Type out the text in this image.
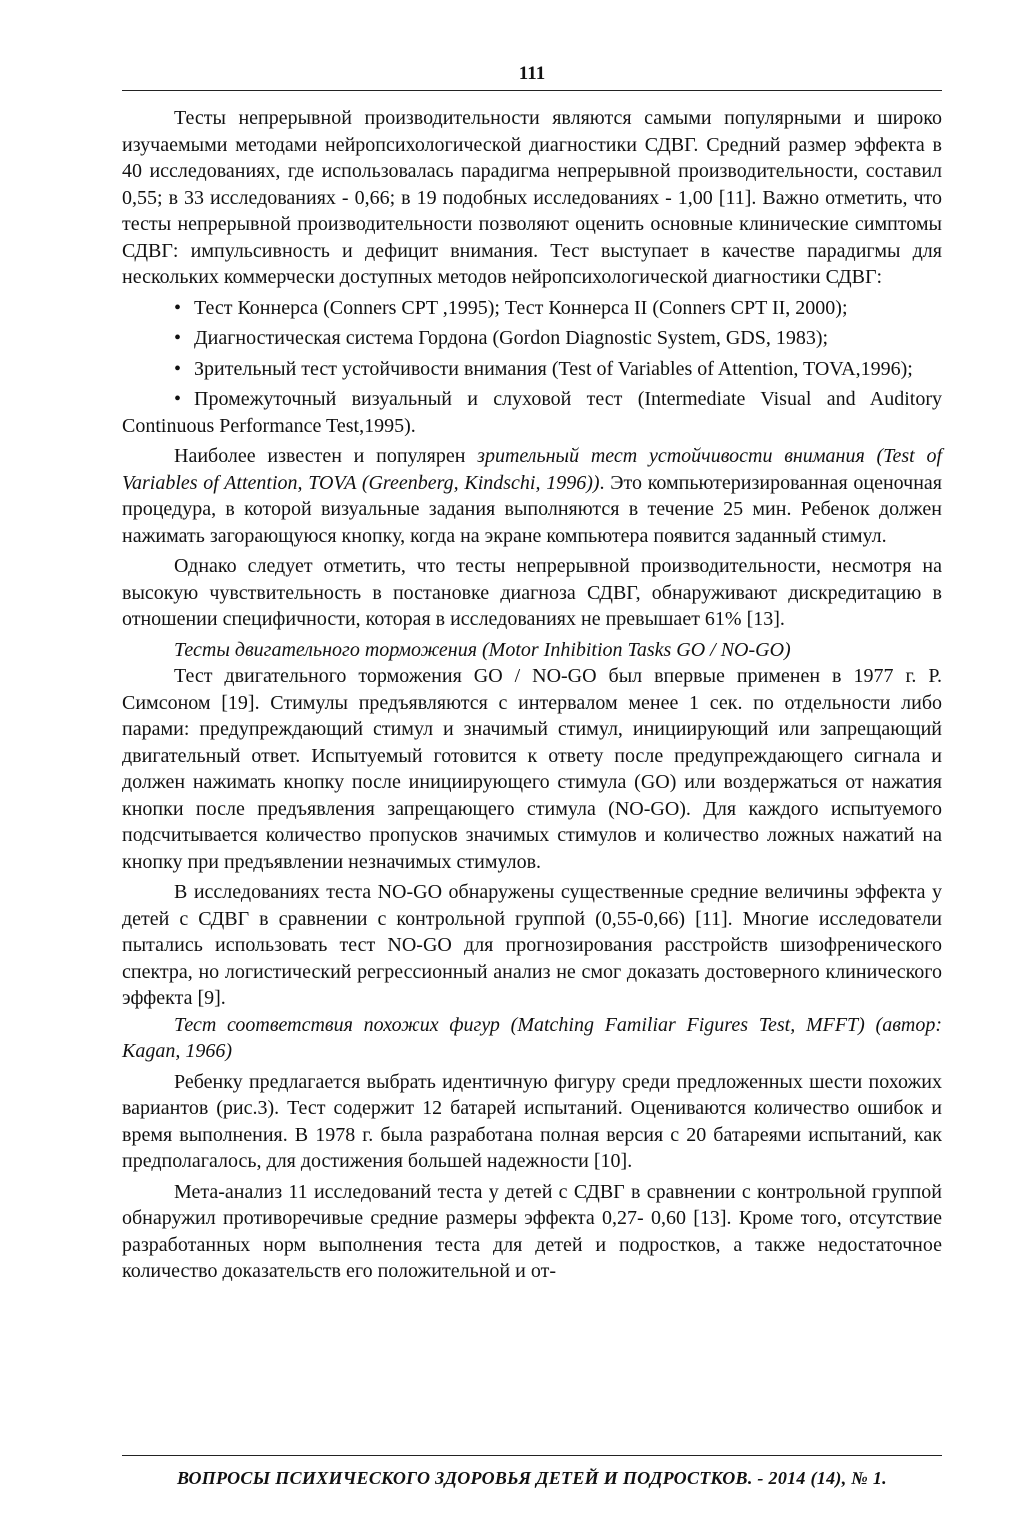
111

Тесты непрерывной производительности являются самыми популярными и широко изучаемыми методами нейропсихологической диагностики СДВГ. Средний размер эффекта в 40 исследованиях, где использовалась парадигма непрерывной производительности, составил 0,55; в 33 исследованиях - 0,66; в 19 подобных исследованиях - 1,00 [11]. Важно отметить, что тесты непрерывной производительности позволяют оценить основные клинические симптомы СДВГ: импульсивность и дефицит внимания. Тест выступает в качестве парадигмы для нескольких коммерчески доступных методов нейропсихологической диагностики СДВГ:

• Тест Коннерса (Conners CPT ,1995); Тест Коннерса II (Conners CPT II, 2000);
• Диагностическая система Гордона (Gordon Diagnostic System, GDS, 1983);
• Зрительный тест устойчивости внимания (Test of Variables of Attention, TOVA,1996);
• Промежуточный визуальный и слуховой тест (Intermediate Visual and Auditory Continuous Performance Test,1995).

Наиболее известен и популярен зрительный тест устойчивости внимания (Test of Variables of Attention, TOVA (Greenberg, Kindschi, 1996)). Это компьютеризированная оценочная процедура, в которой визуальные задания выполняются в течение 25 мин. Ребенок должен нажимать загорающуюся кнопку, когда на экране компьютера появится заданный стимул.

Однако следует отметить, что тесты непрерывной производительности, несмотря на высокую чувствительность в постановке диагноза СДВГ, обнаруживают дискредитацию в отношении специфичности, которая в исследованиях не превышает 61% [13].

Тесты двигательного торможения (Motor Inhibition Tasks GO / NO-GO)

Тест двигательного торможения GO / NO-GO был впервые применен в 1977 г. Р. Симсоном [19]. Стимулы предъявляются с интервалом менее 1 сек. по отдельности либо парами: предупреждающий стимул и значимый стимул, инициирующий или запрещающий двигательный ответ. Испытуемый готовится к ответу после предупреждающего сигнала и должен нажимать кнопку после инициирующего стимула (GO) или воздержаться от нажатия кнопки после предъявления запрещающего стимула (NO-GO). Для каждого испытуемого подсчитывается количество пропусков значимых стимулов и количество ложных нажатий на кнопку при предъявлении незначимых стимулов.

В исследованиях теста NO-GO обнаружены существенные средние величины эффекта у детей с СДВГ в сравнении с контрольной группой (0,55-0,66) [11]. Многие исследователи пытались использовать тест NO-GO для прогнозирования расстройств шизофренического спектра, но логистический регрессионный анализ не смог доказать достоверного клинического эффекта [9].

Тест соответствия похожих фигур (Matching Familiar Figures Test, MFFT) (автор: Kagan, 1966)

Ребенку предлагается выбрать идентичную фигуру среди предложенных шести похожих вариантов (рис.3). Тест содержит 12 батарей испытаний. Оцениваются количество ошибок и время выполнения. В 1978 г. была разработана полная версия с 20 батареями испытаний, как предполагалось, для достижения большей надежности [10].

Мета-анализ 11 исследований теста у детей с СДВГ в сравнении с контрольной группой обнаружил противоречивые средние размеры эффекта 0,27- 0,60 [13]. Кроме того, отсутствие разработанных норм выполнения теста для детей и подростков, а также недостаточное количество доказательств его положительной и от-

ВОПРОСЫ ПСИХИЧЕСКОГО ЗДОРОВЬЯ ДЕТЕЙ И ПОДРОСТКОВ. - 2014 (14), № 1.
